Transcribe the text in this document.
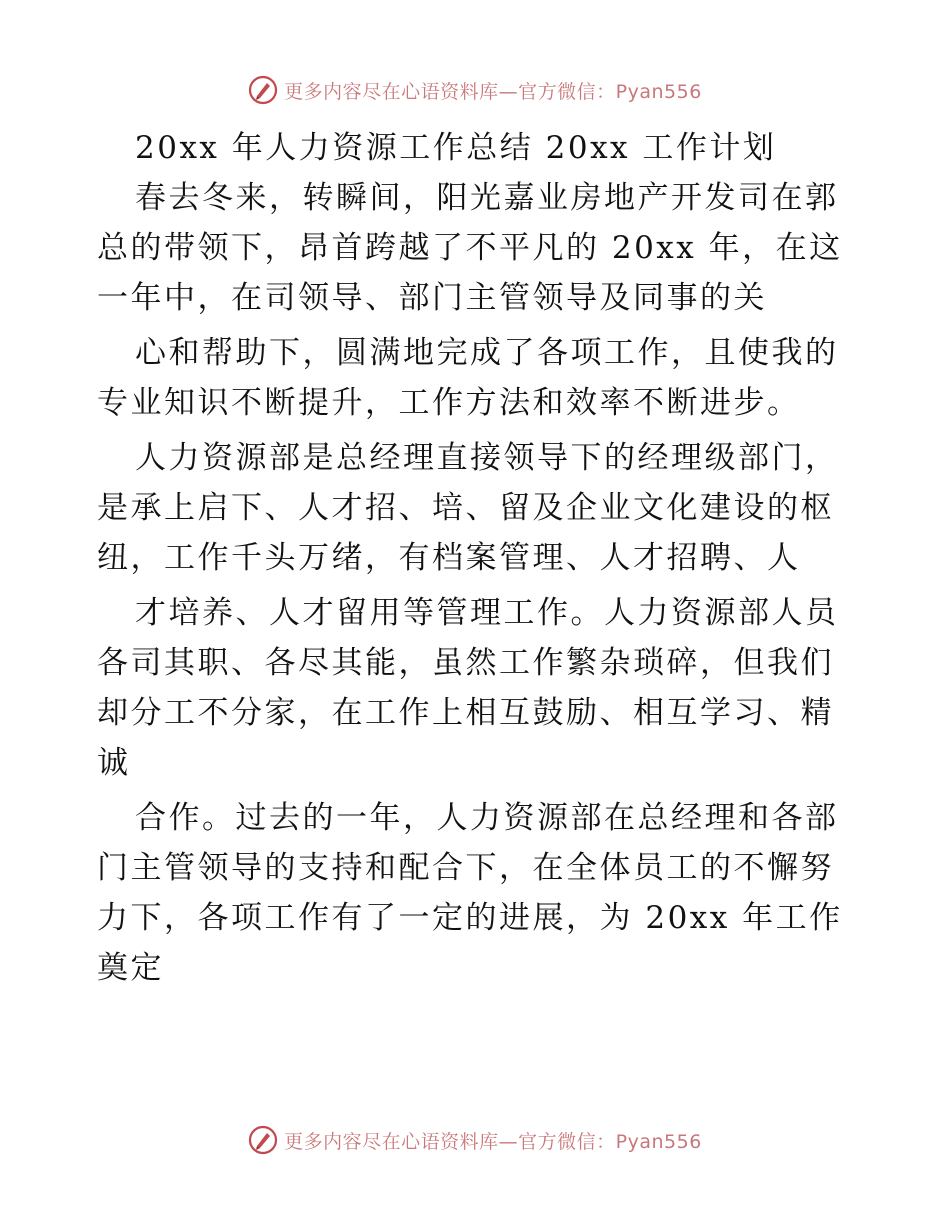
更多内容尽在心语资料库—官方微信：Pyan556
20xx 年人力资源工作总结 20xx 工作计划
春去冬来，转瞬间，阳光嘉业房地产开发司在郭
总的带领下，昂首跨越了不平凡的 20xx 年，在这
一年中，在司领导、部门主管领导及同事的关
心和帮助下，圆满地完成了各项工作，且使我的
专业知识不断提升，工作方法和效率不断进步。
人力资源部是总经理直接领导下的经理级部门，
是承上启下、人才招、培、留及企业文化建设的枢
纽，工作千头万绪，有档案管理、人才招聘、人
才培养、人才留用等管理工作。人力资源部人员
各司其职、各尽其能，虽然工作繁杂琐碎，但我们
却分工不分家，在工作上相互鼓励、相互学习、精
诚
合作。过去的一年，人力资源部在总经理和各部
门主管领导的支持和配合下，在全体员工的不懈努
力下，各项工作有了一定的进展，为 20xx 年工作
奠定
更多内容尽在心语资料库—官方微信：Pyan556
